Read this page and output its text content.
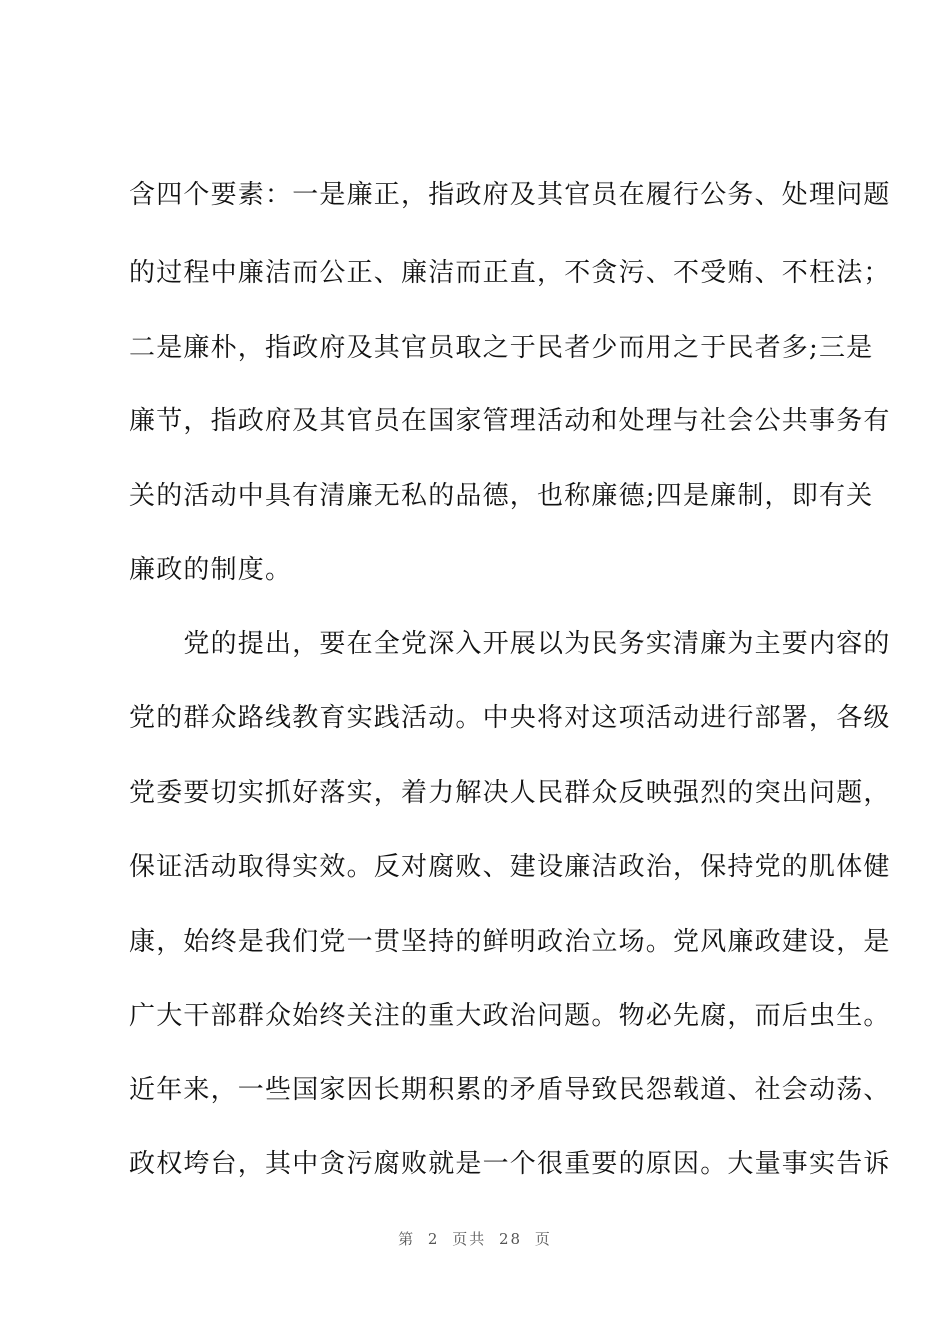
含四个要素：一是廉正，指政府及其官员在履行公务、处理问题
的过程中廉洁而公正、廉洁而正直，不贪污、不受贿、不枉法；
二是廉朴，指政府及其官员取之于民者少而用之于民者多;三是
廉节，指政府及其官员在国家管理活动和处理与社会公共事务有
关的活动中具有清廉无私的品德，也称廉德;四是廉制，即有关
廉政的制度。
　　党的提出，要在全党深入开展以为民务实清廉为主要内容的
党的群众路线教育实践活动。中央将对这项活动进行部署，各级
党委要切实抓好落实，着力解决人民群众反映强烈的突出问题，
保证活动取得实效。反对腐败、建设廉洁政治，保持党的肌体健
康，始终是我们党一贯坚持的鲜明政治立场。党风廉政建设，是
广大干部群众始终关注的重大政治问题。物必先腐，而后虫生。
近年来，一些国家因长期积累的矛盾导致民怨载道、社会动荡、
政权垮台，其中贪污腐败就是一个很重要的原因。大量事实告诉
第 2 页共 28 页
